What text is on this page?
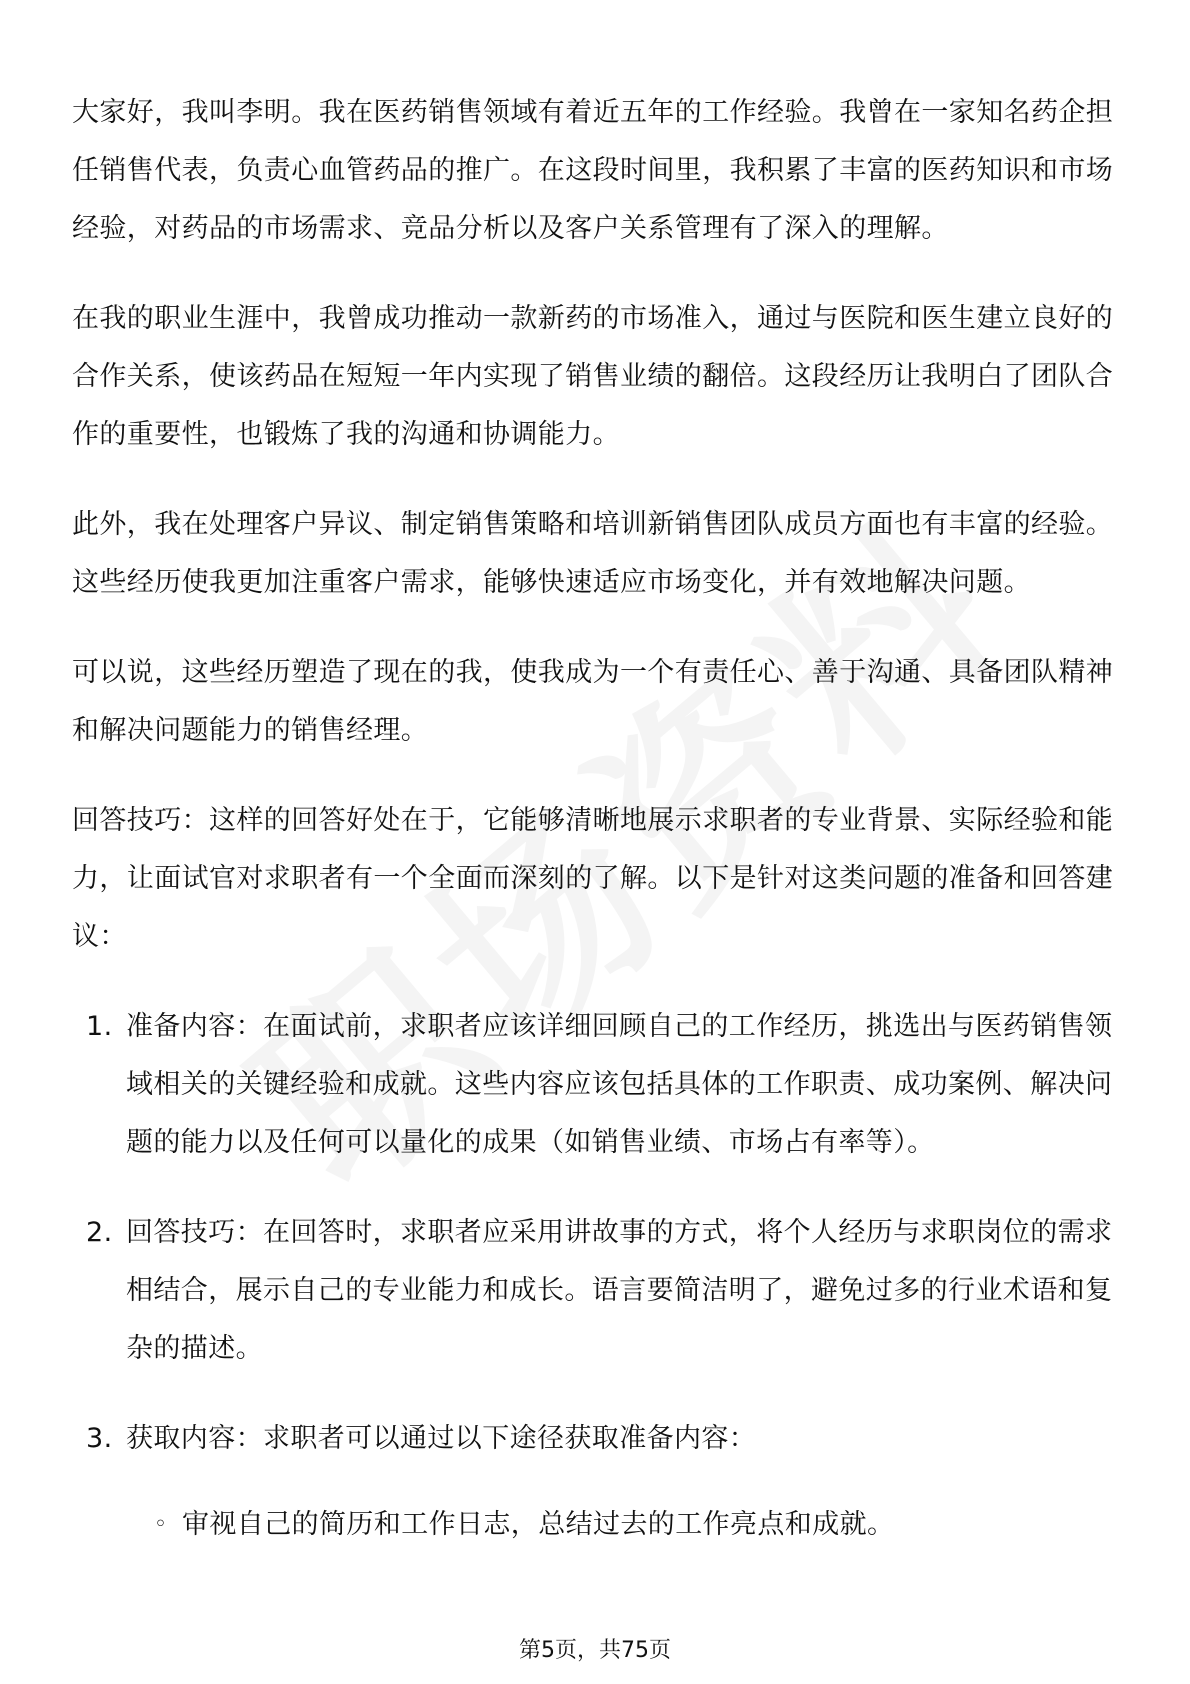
大家好，我叫李明。我在医药销售领域有着近五年的工作经验。我曾在一家知名药企担任销售代表，负责心血管药品的推广。在这段时间里，我积累了丰富的医药知识和市场经验，对药品的市场需求、竞品分析以及客户关系管理有了深入的理解。

在我的职业生涯中，我曾成功推动一款新药的市场准入，通过与医院和医生建立良好的合作关系，使该药品在短短一年内实现了销售业绩的翻倍。这段经历让我明白了团队合作的重要性，也锻炼了我的沟通和协调能力。

此外，我在处理客户异议、制定销售策略和培训新销售团队成员方面也有丰富的经验。这些经历使我更加注重客户需求，能够快速适应市场变化，并有效地解决问题。

可以说，这些经历塑造了现在的我，使我成为一个有责任心、善于沟通、具备团队精神和解决问题能力的销售经理。

回答技巧：这样的回答好处在于，它能够清晰地展示求职者的专业背景、实际经验和能力，让面试官对求职者有一个全面而深刻的了解。以下是针对这类问题的准备和回答建议：

1. 准备内容：在面试前，求职者应该详细回顾自己的工作经历，挑选出与医药销售领域相关的关键经验和成就。这些内容应该包括具体的工作职责、成功案例、解决问题的能力以及任何可以量化的成果（如销售业绩、市场占有率等）。
2. 回答技巧：在回答时，求职者应采用讲故事的方式，将个人经历与求职岗位的需求相结合，展示自己的专业能力和成长。语言要简洁明了，避免过多的行业术语和复杂的描述。
3. 获取内容：求职者可以通过以下途径获取准备内容：
◦ 审视自己的简历和工作日志，总结过去的工作亮点和成就。
第5页，共75页
